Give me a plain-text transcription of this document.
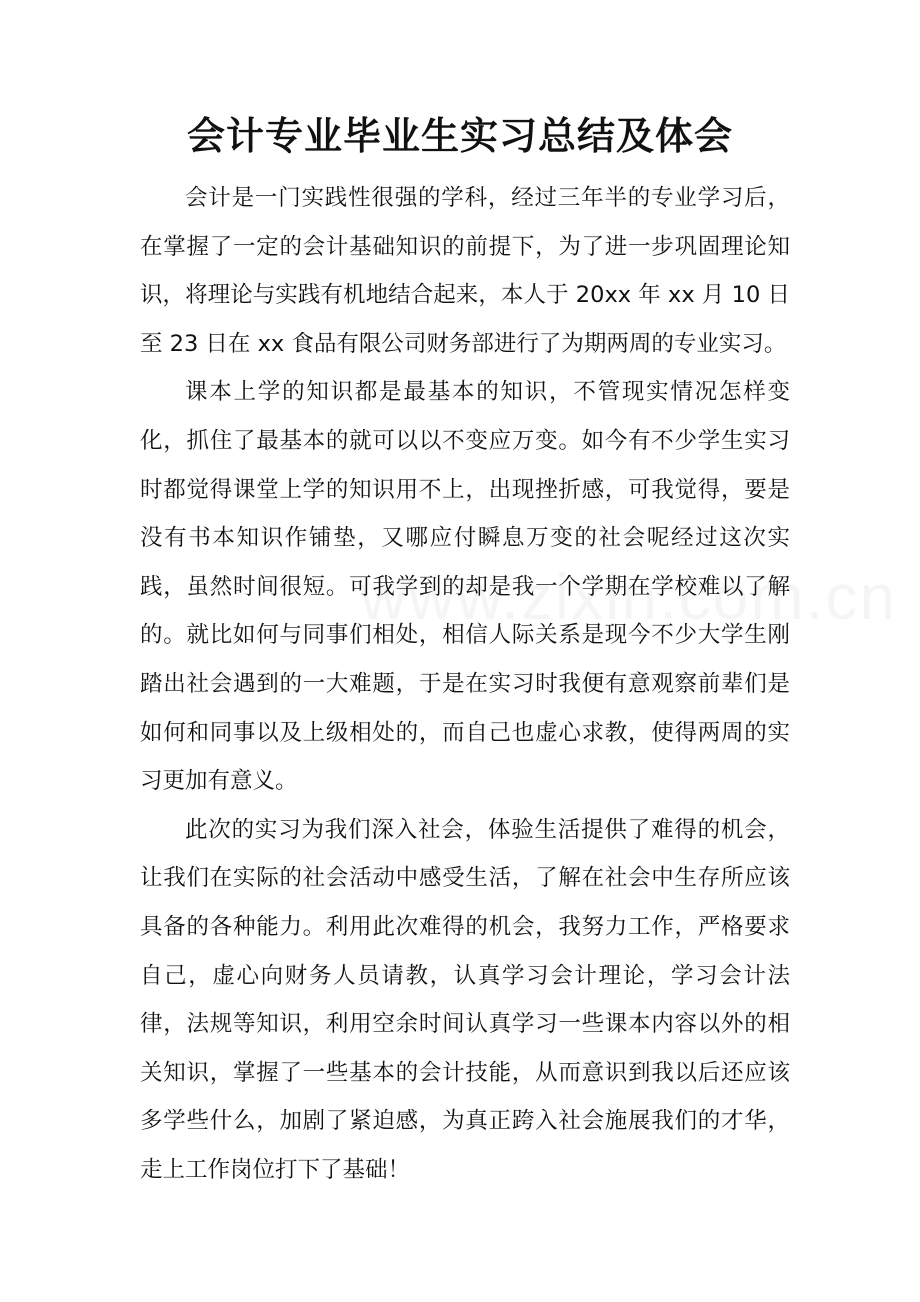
会计专业毕业生实习总结及体会

会计是一门实践性很强的学科，经过三年半的专业学习后，在掌握了一定的会计基础知识的前提下，为了进一步巩固理论知识，将理论与实践有机地结合起来，本人于 20xx 年 xx 月 10 日至 23 日在 xx 食品有限公司财务部进行了为期两周的专业实习。

课本上学的知识都是最基本的知识，不管现实情况怎样变化，抓住了最基本的就可以以不变应万变。如今有不少学生实习时都觉得课堂上学的知识用不上，出现挫折感，可我觉得，要是没有书本知识作铺垫，又哪应付瞬息万变的社会呢经过这次实践，虽然时间很短。可我学到的却是我一个学期在学校难以了解的。就比如何与同事们相处，相信人际关系是现今不少大学生刚踏出社会遇到的一大难题，于是在实习时我便有意观察前辈们是如何和同事以及上级相处的，而自己也虚心求教，使得两周的实习更加有意义。

此次的实习为我们深入社会，体验生活提供了难得的机会，让我们在实际的社会活动中感受生活，了解在社会中生存所应该具备的各种能力。利用此次难得的机会，我努力工作，严格要求自己，虚心向财务人员请教，认真学习会计理论，学习会计法律，法规等知识，利用空余时间认真学习一些课本内容以外的相关知识，掌握了一些基本的会计技能，从而意识到我以后还应该多学些什么，加剧了紧迫感，为真正跨入社会施展我们的才华，走上工作岗位打下了基础！
